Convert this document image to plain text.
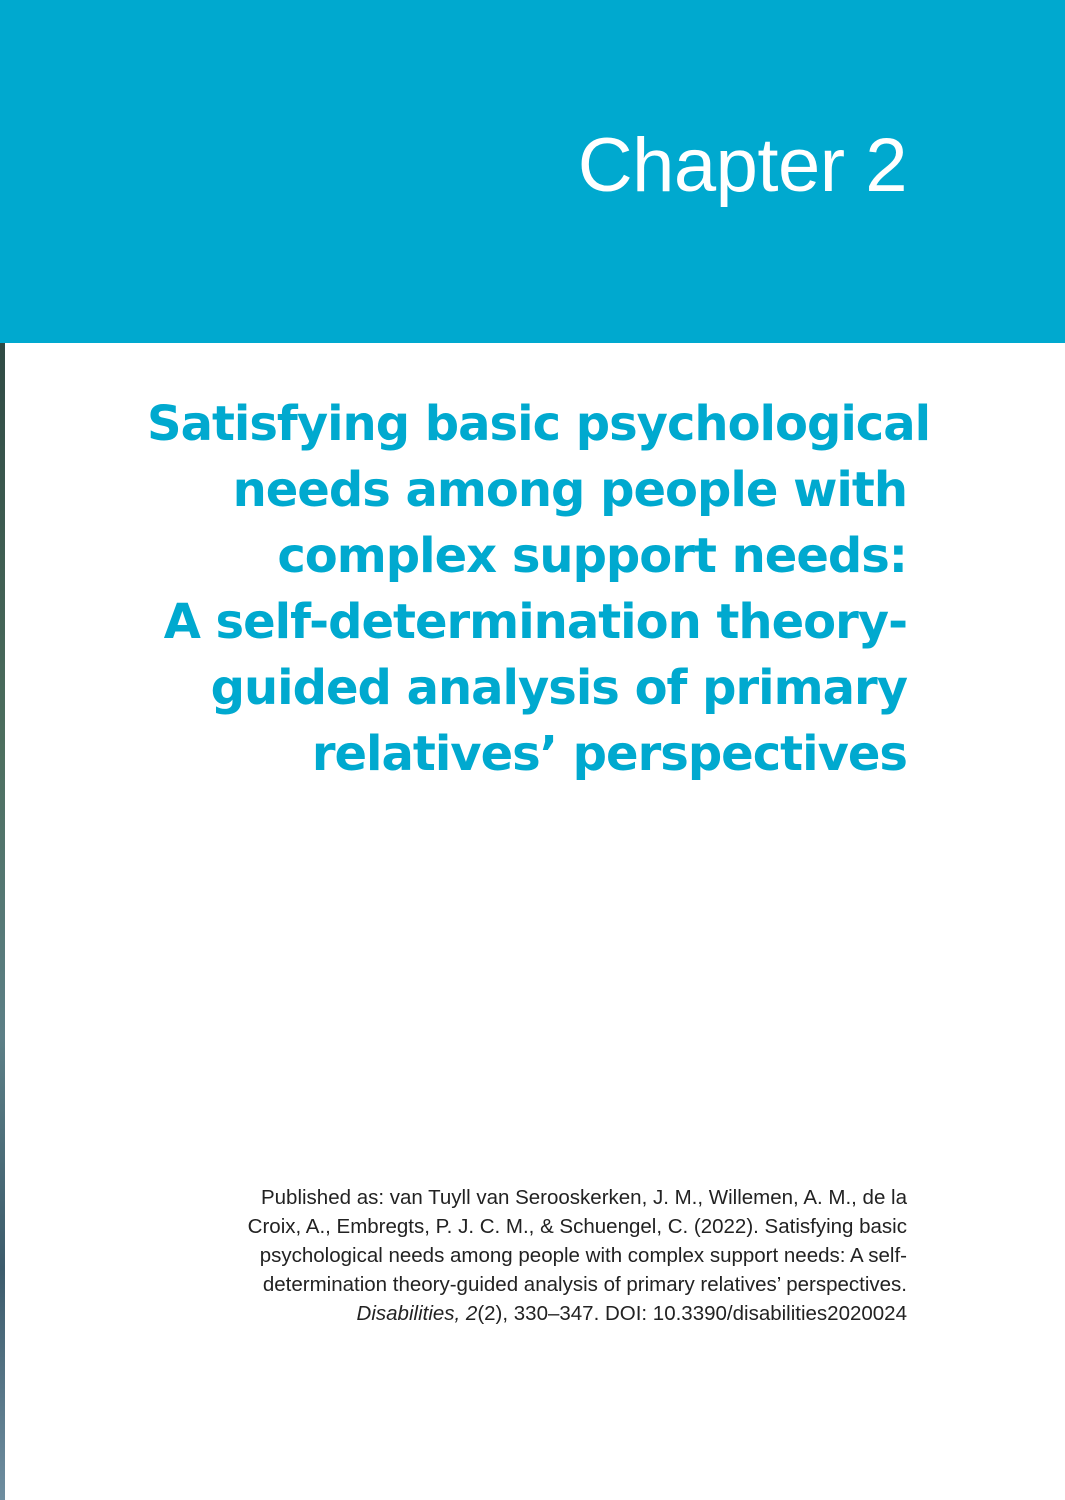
Chapter 2
Satisfying basic psychological
needs among people with
complex support needs:
A self-determination theory-
guided analysis of primary
relatives’ perspectives

Published as: van Tuyll van Serooskerken, J. M., Willemen, A. M., de la
Croix, A., Embregts, P. J. C. M., & Schuengel, C. (2022). Satisfying basic
psychological needs among people with complex support needs: A self-
determination theory-guided analysis of primary relatives’ perspectives.
Disabilities, 2(2), 330–347. DOI: 10.3390/disabilities2020024
